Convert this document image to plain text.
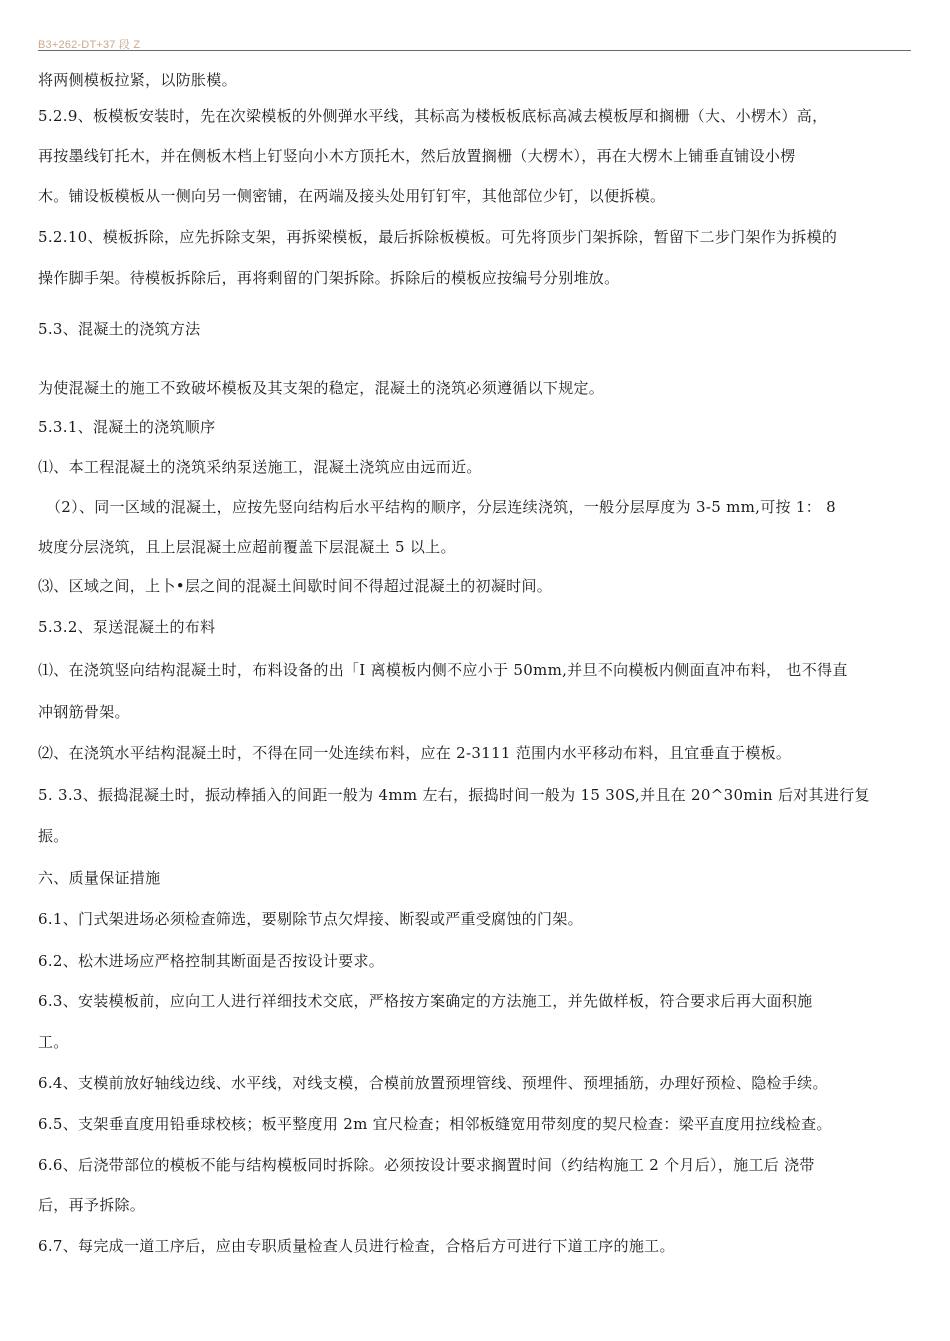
B3+262-DT+37 段 Z
将两侧模板拉紧，以防胀模。
5.2.9、板模板安装时，先在次梁模板的外侧弹水平线，其标高为楼板板底标高减去模板厚和搁栅（大、小楞木）高，
再按墨线钉托木，并在侧板木档上钉竖向小木方顶托木，然后放置搁栅（大楞木），再在大楞木上铺垂直铺设小楞
木。铺设板模板从一侧向另一侧密铺，在两端及接头处用钉钉牢，其他部位少钉，以便拆模。
5.2.10、模板拆除，应先拆除支架，再拆梁模板，最后拆除板模板。可先将顶步门架拆除，暂留下二步门架作为拆模的
操作脚手架。待模板拆除后，再将剩留的门架拆除。拆除后的模板应按编号分别堆放。
5.3、混凝土的浇筑方法
为使混凝土的施工不致破坏模板及其支架的稳定，混凝土的浇筑必须遵循以下规定。
5.3.1、混凝土的浇筑顺序
⑴、本工程混凝土的浇筑采纳泵送施工，混凝土浇筑应由远而近。
（2）、同一区域的混凝土，应按先竖向结构后水平结构的顺序，分层连续浇筑，一般分层厚度为 3-5 mm,可按 1： 8
坡度分层浇筑，且上层混凝土应超前覆盖下层混凝土 5 以上。
⑶、区域之间，上卜•层之间的混凝土间歇时间不得超过混凝土的初凝时间。
5.3.2、泵送混凝土的布料
⑴、在浇筑竖向结构混凝土时，布料设备的出「I 离模板内侧不应小于 50mm,并旦不向模板内侧面直冲布料， 也不得直
冲钢筋骨架。
⑵、在浇筑水平结构混凝土时，不得在同一处连续布料，应在 2-3111 范围内水平移动布料，且宜垂直于模板。
5. 3.3、振捣混凝土时，振动棒插入的间距一般为 4mm 左右，振捣时间一般为 15 30S,并且在 20^30min 后对其进行复
振。
六、质量保证措施
6.1、门式架进场必须检查筛选，要剔除节点欠焊接、断裂或严重受腐蚀的门架。
6.2、松木进场应严格控制其断面是否按设计要求。
6.3、安装模板前，应向工人进行祥细技术交底，严格按方案确定的方法施工，并先做样板，符合要求后再大面积施
工。
6.4、支模前放好轴线边线、水平线，对线支模，合模前放置预埋管线、预埋件、预埋插筋，办理好预检、隐检手续。
6.5、支架垂直度用铅垂球校核；板平整度用 2m 宜尺检查；相邻板缝宽用带刻度的契尺检查：梁平直度用拉线检查。
6.6、后浇带部位的模板不能与结构模板同时拆除。必须按设计要求搁置时间（约结构施工 2 个月后），施工后 浇带
后，再予拆除。
6.7、每完成一道工序后，应由专职质量检查人员进行检查，合格后方可进行下道工序的施工。
